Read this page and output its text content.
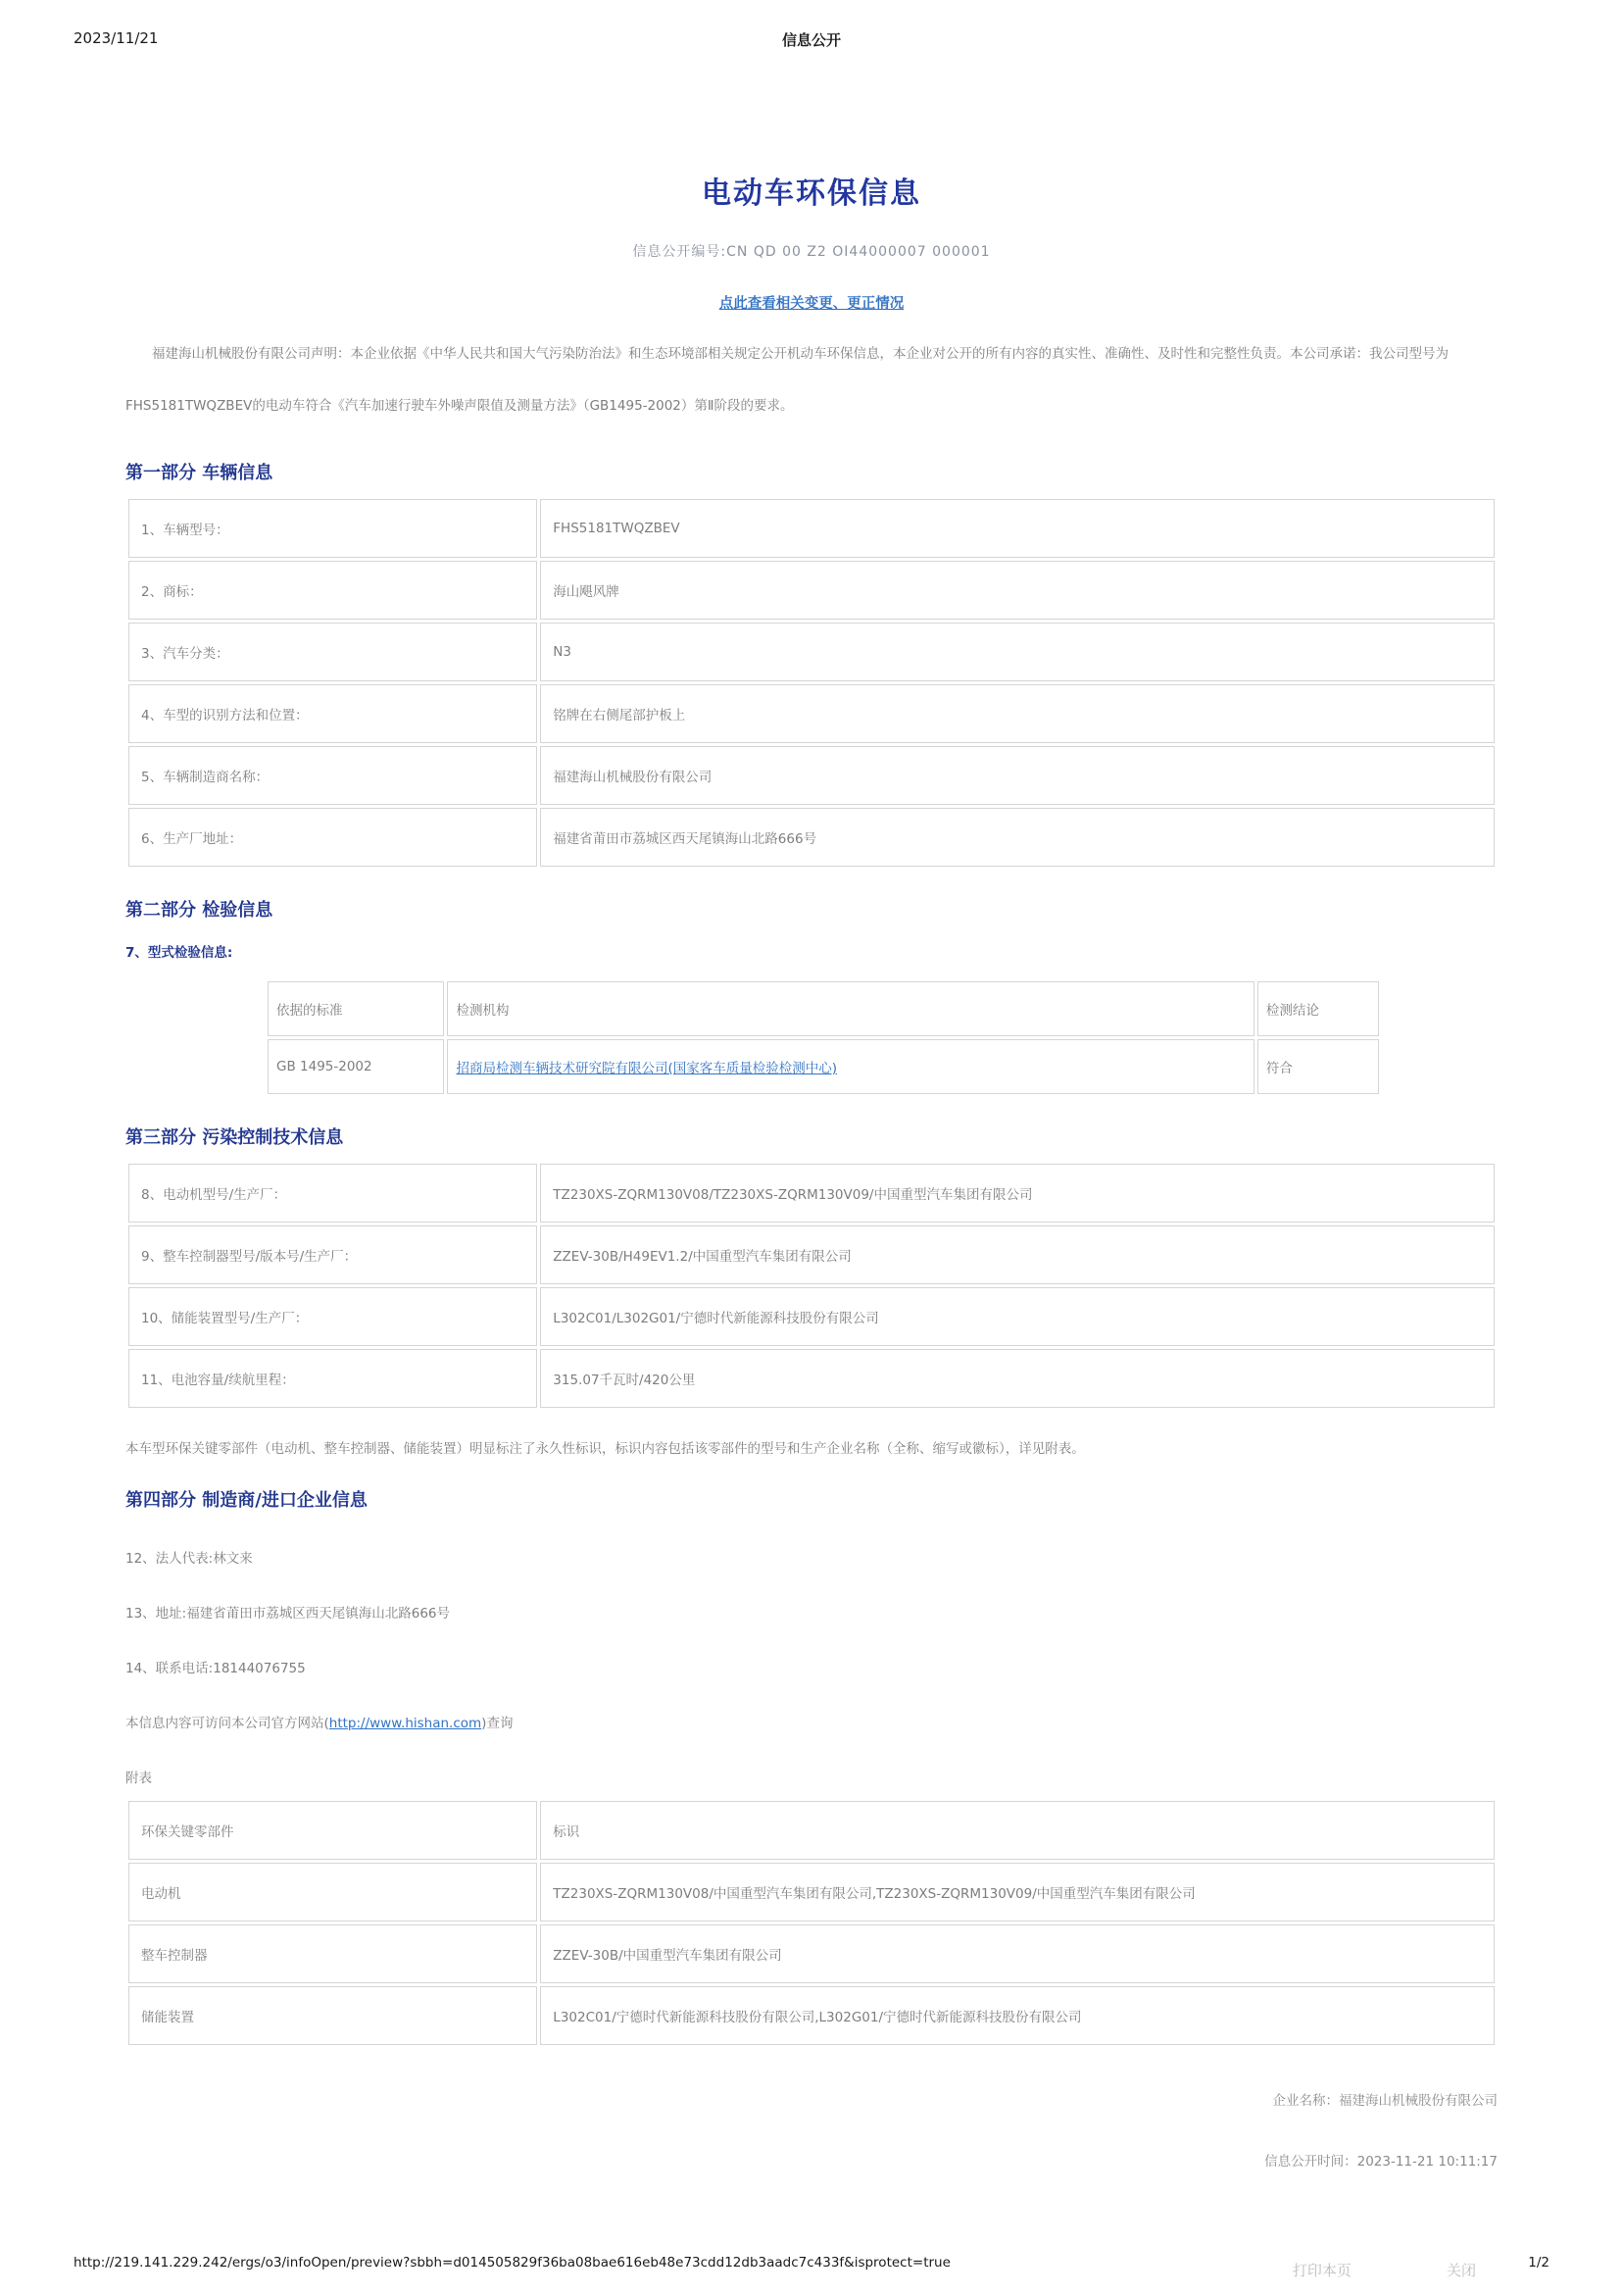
2023/11/21	信息公开
电动车环保信息
信息公开编号:CN QD 00 Z2 OI44000007 000001
点此查看相关变更、更正情况
福建海山机械股份有限公司声明：本企业依据《中华人民共和国大气污染防治法》和生态环境部相关规定公开机动车环保信息，本企业对公开的所有内容的真实性、准确性、及时性和完整性负责。本公司承诺：我公司型号为FHS5181TWQZBEV的电动车符合《汽车加速行驶车外噪声限值及测量方法》（GB1495-2002）第Ⅱ阶段的要求。
第一部分 车辆信息
1、车辆型号：	FHS5181TWQZBEV
2、商标：	海山飓风牌
3、汽车分类：	N3
4、车型的识别方法和位置：	铭牌在右侧尾部护板上
5、车辆制造商名称：	福建海山机械股份有限公司
6、生产厂地址：	福建省莆田市荔城区西天尾镇海山北路666号
第二部分 检验信息
7、型式检验信息:
依据的标准	检测机构	检测结论
GB 1495-2002	招商局检测车辆技术研究院有限公司(国家客车质量检验检测中心)	符合
第三部分 污染控制技术信息
8、电动机型号/生产厂：	TZ230XS-ZQRM130V08/TZ230XS-ZQRM130V09/中国重型汽车集团有限公司
9、整车控制器型号/版本号/生产厂：	ZZEV-30B/H49EV1.2/中国重型汽车集团有限公司
10、储能装置型号/生产厂：	L302C01/L302G01/宁德时代新能源科技股份有限公司
11、电池容量/续航里程：	315.07千瓦时/420公里
本车型环保关键零部件（电动机、整车控制器、储能装置）明显标注了永久性标识，标识内容包括该零部件的型号和生产企业名称（全称、缩写或徽标），详见附表。
第四部分 制造商/进口企业信息
12、法人代表:林文来
13、地址:福建省莆田市荔城区西天尾镇海山北路666号
14、联系电话:18144076755
本信息内容可访问本公司官方网站(http://www.hishan.com)查询
附表
环保关键零部件	标识
电动机	TZ230XS-ZQRM130V08/中国重型汽车集团有限公司,TZ230XS-ZQRM130V09/中国重型汽车集团有限公司
整车控制器	ZZEV-30B/中国重型汽车集团有限公司
储能装置	L302C01/宁德时代新能源科技股份有限公司,L302G01/宁德时代新能源科技股份有限公司
企业名称：福建海山机械股份有限公司
信息公开时间：2023-11-21 10:11:17
打印本页	关闭
http://219.141.229.242/ergs/o3/infoOpen/preview?sbbh=d014505829f36ba08bae616eb48e73cdd12db3aadc7c433f&isprotect=true	1/2
